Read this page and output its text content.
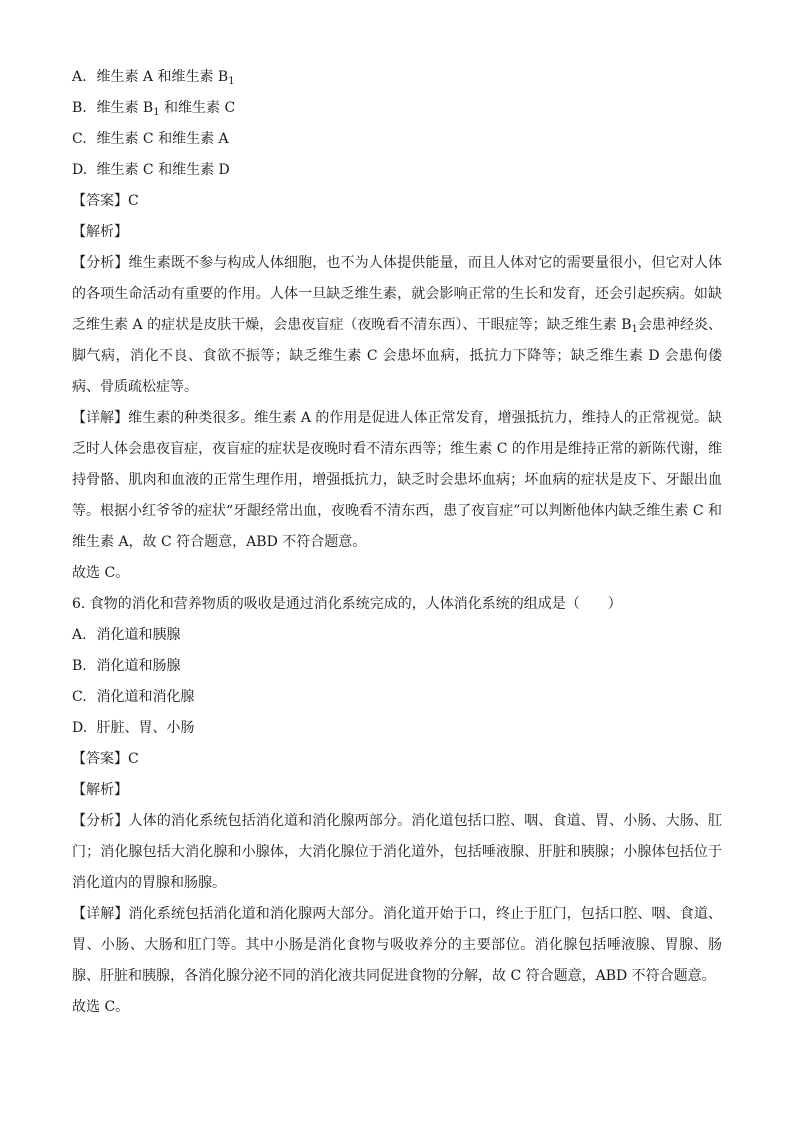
A. 维生素 A 和维生素 $B_1$
B. 维生素 $B_1$ 和维生素 C
C. 维生素 C 和维生素 A
D. 维生素 C 和维生素 D
【答案】C
【解析】
【分析】维生素既不参与构成人体细胞，也不为人体提供能量，而且人体对它的需要量很小，但它对人体的各项生命活动有重要的作用。人体一旦缺乏维生素，就会影响正常的生长和发育，还会引起疾病。如缺乏维生素 A 的症状是皮肤干燥，会患夜盲症（夜晚看不清东西）、干眼症等；缺乏维生素 $B_1$会患神经炎、脚气病，消化不良、食欲不振等；缺乏维生素 C 会患坏血病，抵抗力下降等；缺乏维生素 D 会患佝偻病、骨质疏松症等。
【详解】维生素的种类很多。维生素 A 的作用是促进人体正常发育，增强抵抗力，维持人的正常视觉。缺乏时人体会患夜盲症，夜盲症的症状是夜晚时看不清东西等；维生素 C 的作用是维持正常的新陈代谢，维持骨骼、肌肉和血液的正常生理作用，增强抵抗力，缺乏时会患坏血病；坏血病的症状是皮下、牙龈出血等。根据小红爷爷的症状“牙龈经常出血，夜晚看不清东西，患了夜盲症”可以判断他体内缺乏维生素 C 和维生素 A，故 C 符合题意，ABD 不符合题意。
故选 C。
6. 食物的消化和营养物质的吸收是通过消化系统完成的，人体消化系统的组成是（　　）
A. 消化道和胰腺
B. 消化道和肠腺
C. 消化道和消化腺
D. 肝脏、胃、小肠
【答案】C
【解析】
【分析】人体的消化系统包括消化道和消化腺两部分。消化道包括口腔、咽、食道、胃、小肠、大肠、肛门；消化腺包括大消化腺和小腺体，大消化腺位于消化道外，包括唾液腺、肝脏和胰腺；小腺体包括位于消化道内的胃腺和肠腺。
【详解】消化系统包括消化道和消化腺两大部分。消化道开始于口，终止于肛门，包括口腔、咽、食道、胃、小肠、大肠和肛门等。其中小肠是消化食物与吸收养分的主要部位。消化腺包括唾液腺、胃腺、肠腺、肝脏和胰腺，各消化腺分泌不同的消化液共同促进食物的分解，故 C 符合题意，ABD 不符合题意。
故选 C。
